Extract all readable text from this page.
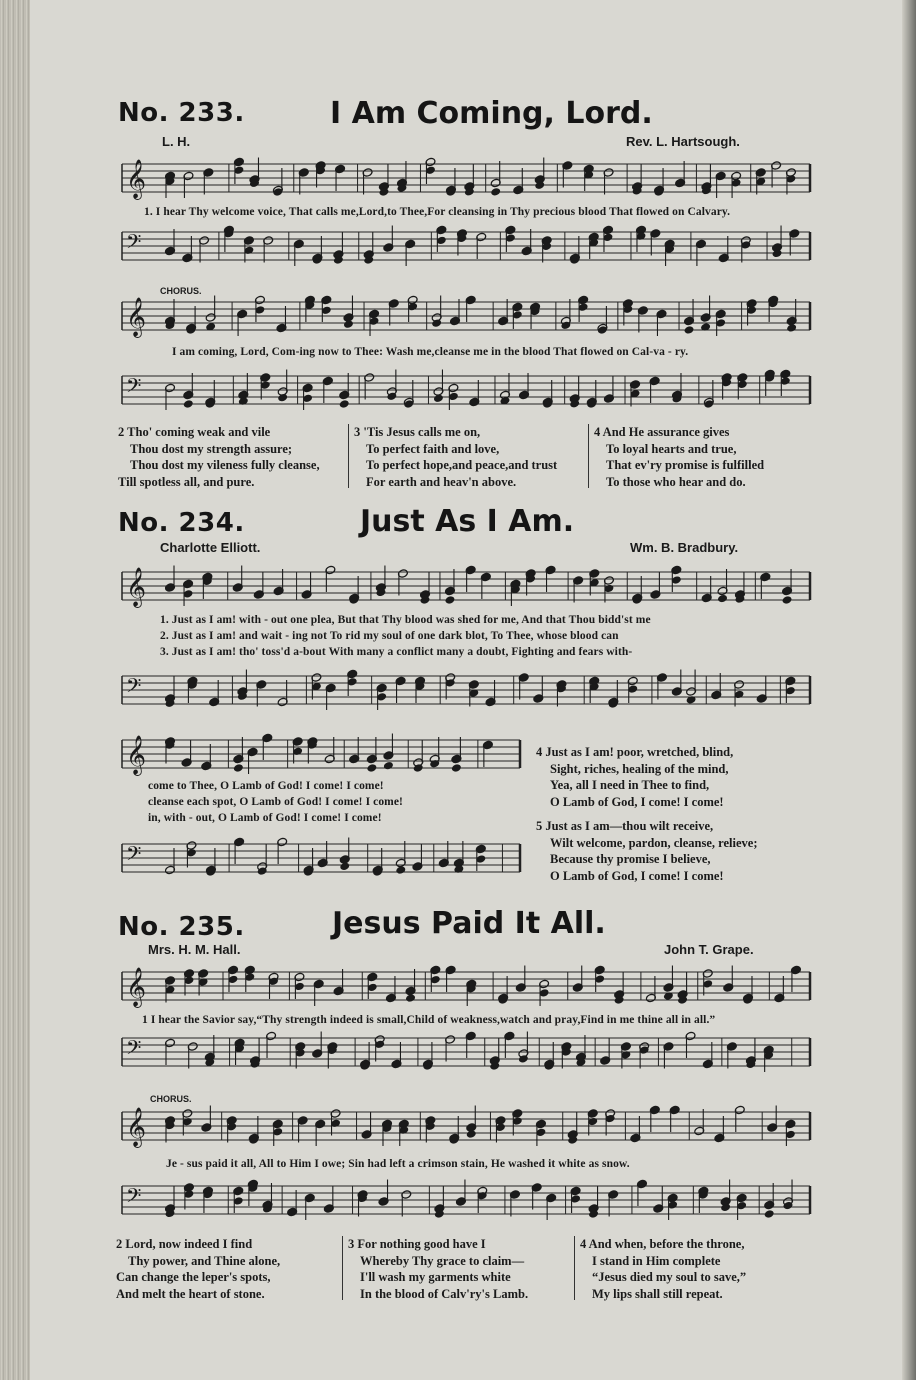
No. 233.	I Am Coming, Lord.
L. H.	Rev. L. Hartsough.
𝄞
1. I hear Thy welcome voice, That calls me,Lord,to Thee,For cleansing in Thy precious blood That flowed on Calvary.
𝄢
CHORUS.
𝄞
I am coming, Lord, Com-ing now to Thee: Wash me,cleanse me in the blood That flowed on Cal-va - ry.
𝄢
2 Tho' coming weak and vile
Thou dost my strength assure;
Thou dost my vileness fully cleanse,
Till spotless all, and pure.
3 'Tis Jesus calls me on,
To perfect faith and love,
To perfect hope,and peace,and trust
For earth and heav'n above.
4 And He assurance gives
To loyal hearts and true,
That ev'ry promise is fulfilled
To those who hear and do.
No. 234.	Just As I Am.
Charlotte Elliott.	Wm. B. Bradbury.
𝄞
1. Just as I am! with - out one plea, But that Thy blood was shed for me, And that Thou bidd'st me
2. Just as I am! and wait - ing not To rid my soul of one dark blot, To Thee, whose blood can
3. Just as I am! tho' toss'd a-bout With many a conflict many a doubt, Fighting and fears with-
𝄢
𝄞
come to Thee, O Lamb of God! I come! I come!
cleanse each spot, O Lamb of God! I come! I come!
in, with - out, O Lamb of God! I come! I come!
𝄢
4 Just as I am! poor, wretched, blind,
Sight, riches, healing of the mind,
Yea, all I need in Thee to find,
O Lamb of God, I come! I come!
5 Just as I am—thou wilt receive,
Wilt welcome, pardon, cleanse, relieve;
Because thy promise I believe,
O Lamb of God, I come! I come!
No. 235.	Jesus Paid It All.
Mrs. H. M. Hall.	John T. Grape.
𝄞
1 I hear the Savior say,“Thy strength indeed is small,Child of weakness,watch and pray,Find in me thine all in all.”
𝄢
CHORUS.
𝄞
Je - sus paid it all, All to Him I owe; Sin had left a crimson stain, He washed it white as snow.
𝄢
2 Lord, now indeed I find
Thy power, and Thine alone,
Can change the leper's spots,
And melt the heart of stone.
3 For nothing good have I
Whereby Thy grace to claim—
I'll wash my garments white
In the blood of Calv'ry's Lamb.
4 And when, before the throne,
I stand in Him complete
“Jesus died my soul to save,”
My lips shall still repeat.
